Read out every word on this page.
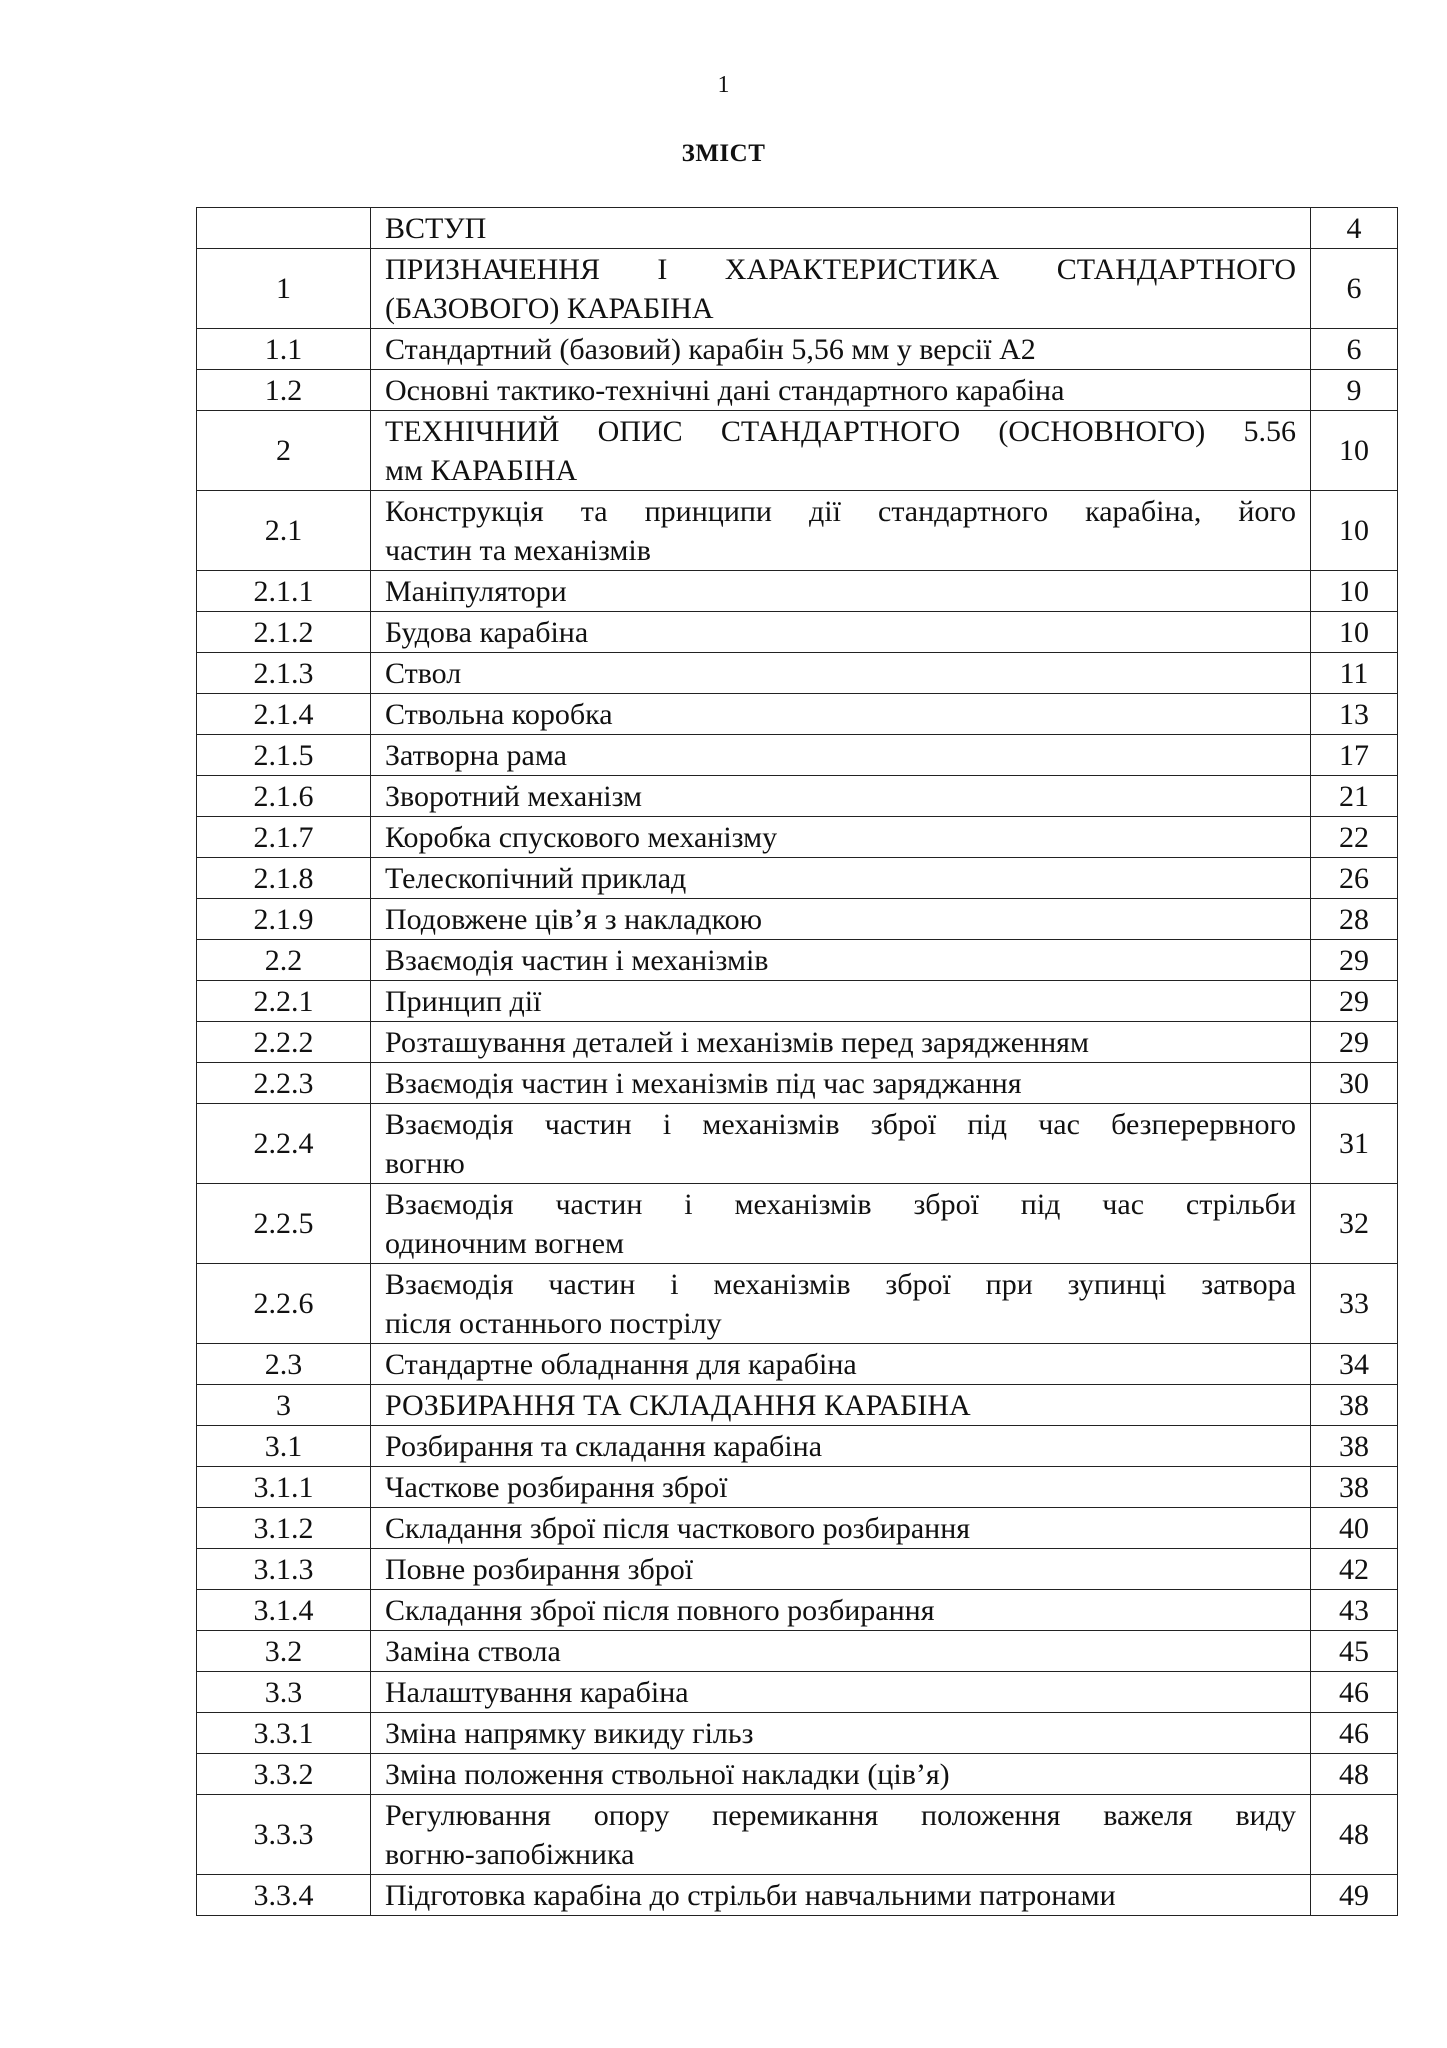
1
ЗМІСТ
	ВСТУП	4
1	ПРИЗНАЧЕННЯ І ХАРАКТЕРИСТИКА СТАНДАРТНОГО
(БАЗОВОГО) КАРАБІНА	6
1.1	Стандартний (базовий) карабін 5,56 мм у версії А2	6
1.2	Основні тактико-технічні дані стандартного карабіна	9
2	ТЕХНІЧНИЙ ОПИС СТАНДАРТНОГО (ОСНОВНОГО) 5.56
мм КАРАБІНА	10
2.1	Конструкція та принципи дії стандартного карабіна, його
частин та механізмів	10
2.1.1	Маніпулятори	10
2.1.2	Будова карабіна	10
2.1.3	Ствол	11
2.1.4	Ствольна коробка	13
2.1.5	Затворна рама	17
2.1.6	Зворотний механізм	21
2.1.7	Коробка спускового механізму	22
2.1.8	Телескопічний приклад	26
2.1.9	Подовжене ців’я з накладкою	28
2.2	Взаємодія частин і механізмів	29
2.2.1	Принцип дії	29
2.2.2	Розташування деталей і механізмів перед зарядженням	29
2.2.3	Взаємодія частин і механізмів під час заряджання	30
2.2.4	Взаємодія частин і механізмів зброї під час безперервного
вогню	31
2.2.5	Взаємодія частин і механізмів зброї під час стрільби
одиночним вогнем	32
2.2.6	Взаємодія частин і механізмів зброї при зупинці затвора
після останнього пострілу	33
2.3	Стандартне обладнання для карабіна	34
3	РОЗБИРАННЯ ТА СКЛАДАННЯ КАРАБІНА	38
3.1	Розбирання та складання карабіна	38
3.1.1	Часткове розбирання зброї	38
3.1.2	Складання зброї після часткового розбирання	40
3.1.3	Повне розбирання зброї	42
3.1.4	Складання зброї після повного розбирання	43
3.2	Заміна ствола	45
3.3	Налаштування карабіна	46
3.3.1	Зміна напрямку викиду гільз	46
3.3.2	Зміна положення ствольної накладки (ців’я)	48
3.3.3	Регулювання опору перемикання положення важеля виду
вогню-запобіжника	48
3.3.4	Підготовка карабіна до стрільби навчальними патронами	49
